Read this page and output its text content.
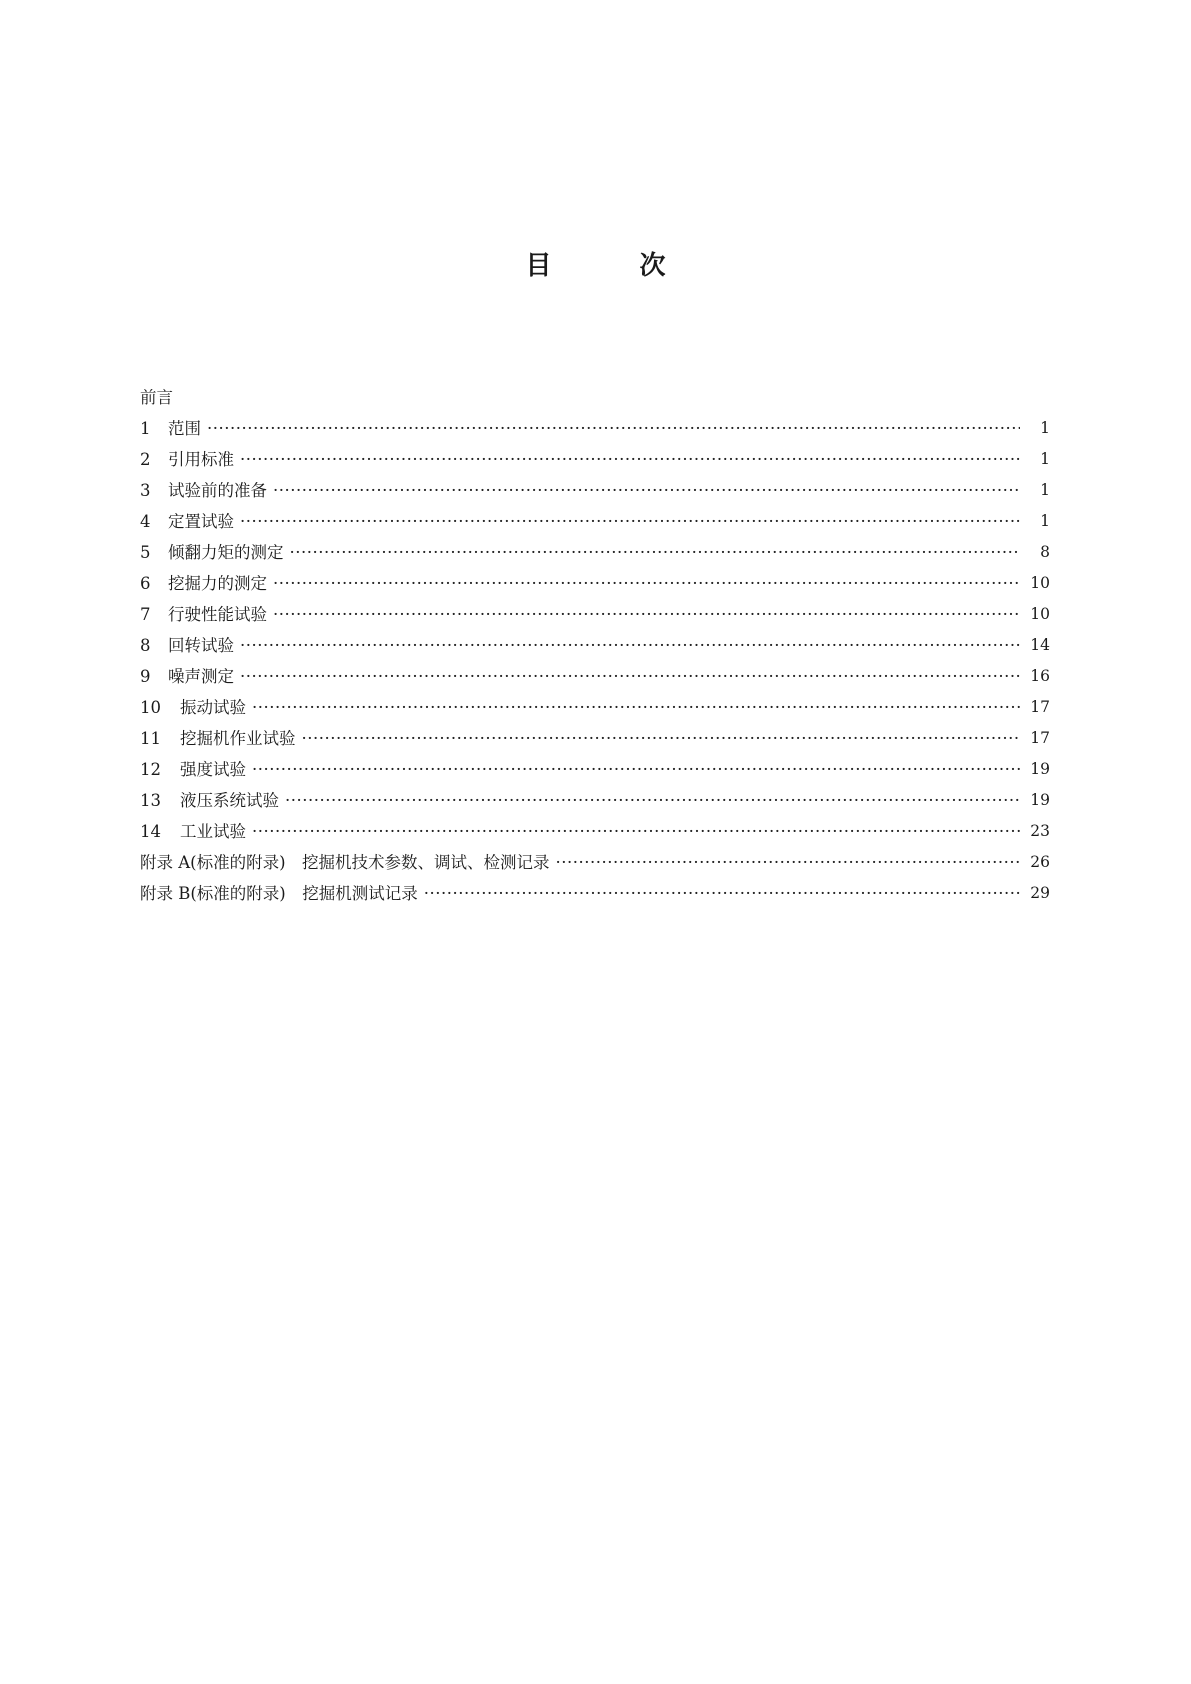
目	次
前言
1	范围 ·····	1
2	引用标准 ·····	1
3	试验前的准备 ·····	1
4	定置试验 ·····	1
5	倾翻力矩的测定 ·····	8
6	挖掘力的测定 ·····	10
7	行驶性能试验 ·····	10
8	回转试验 ·····	14
9	噪声测定 ·····	16
10	振动试验 ·····	17
11	挖掘机作业试验 ·····	17
12	强度试验 ·····	19
13	液压系统试验 ·····	19
14	工业试验 ·····	23
附录 A(标准的附录)　挖掘机技术参数、调试、检测记录 ·····	26
附录 B(标准的附录)　挖掘机测试记录 ·····	29
